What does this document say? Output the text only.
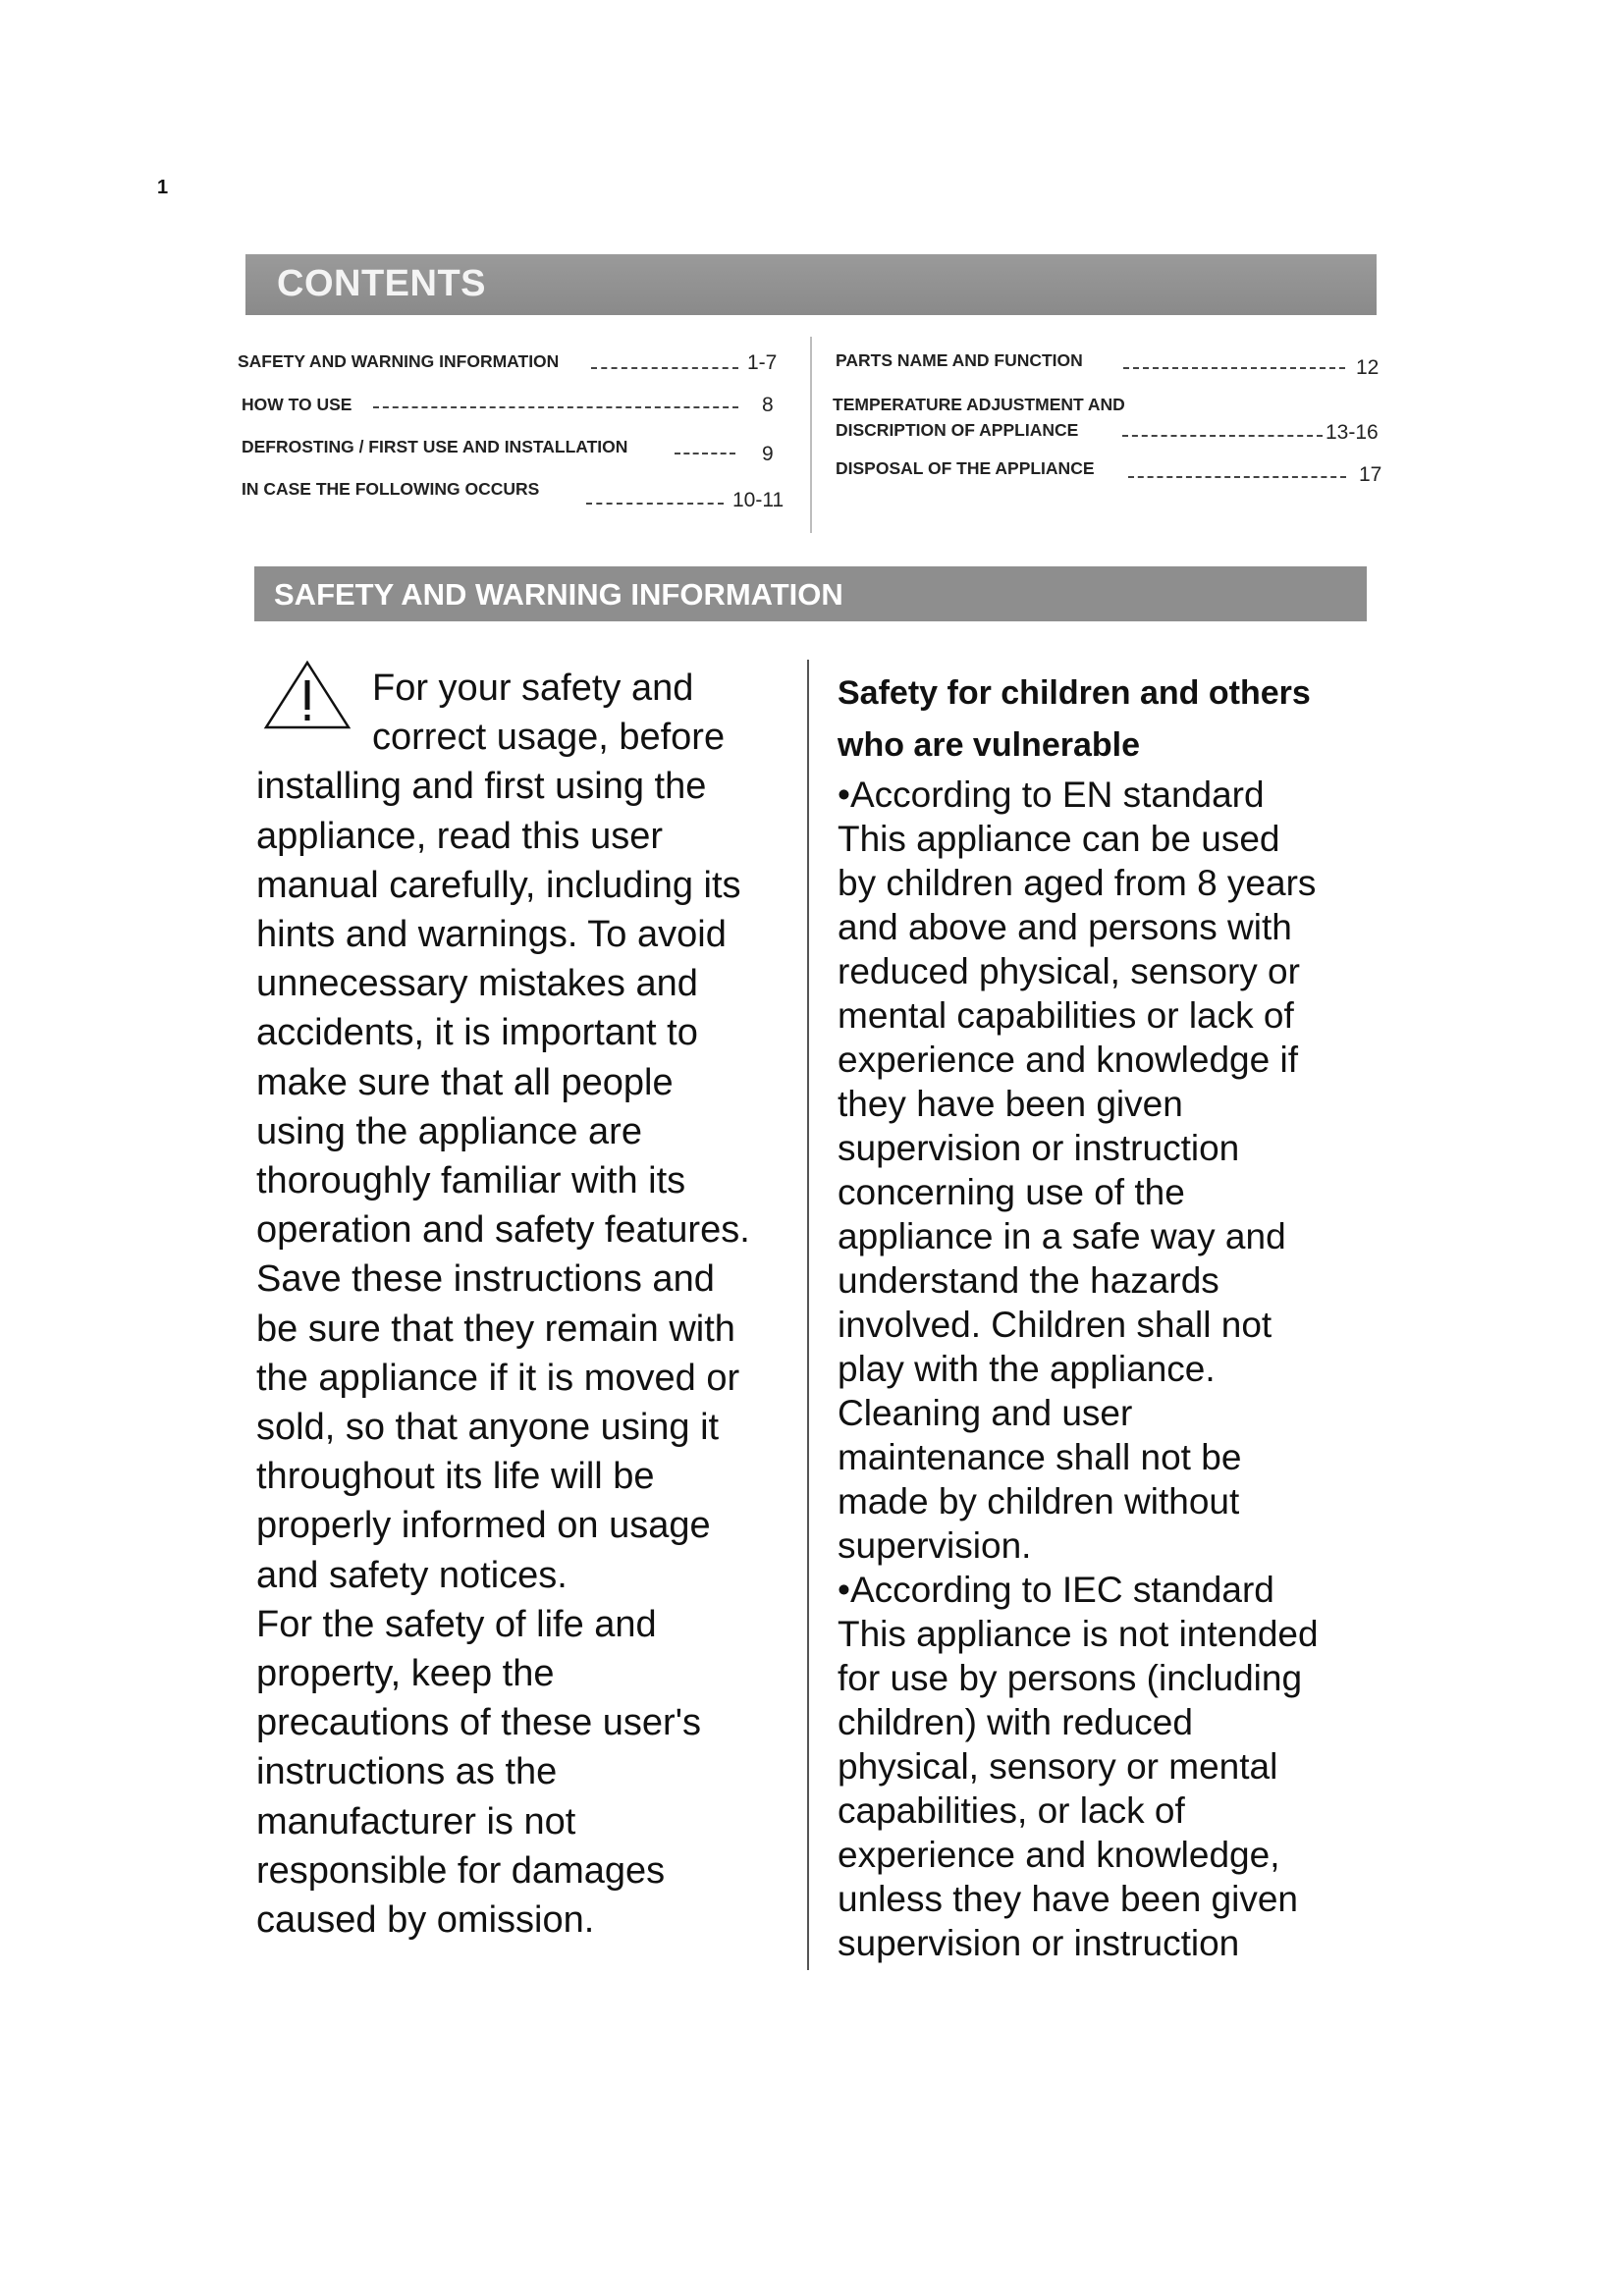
1
CONTENTS
SAFETY AND WARNING INFORMATION	1-7
HOW TO USE	8
DEFROSTING / FIRST USE AND INSTALLATION	9
IN CASE THE FOLLOWING OCCURS	10-11
PARTS NAME AND FUNCTION	12
TEMPERATURE ADJUSTMENT AND
DISCRIPTION OF APPLIANCE	13-16
DISPOSAL OF THE APPLIANCE	17
SAFETY AND WARNING INFORMATION
For your safety and
correct usage, before
installing and first using the
appliance, read this user
manual carefully, including its
hints and warnings. To avoid
unnecessary mistakes and
accidents, it is important to
make sure that all people
using the appliance are
thoroughly familiar with its
operation and safety features.
Save these instructions and
be sure that they remain with
the appliance if it is moved or
sold, so that anyone using it
throughout its life will be
properly informed on usage
and safety notices.
For the safety of life and
property, keep the
precautions of these user's
instructions as the
manufacturer is not
responsible for damages
caused by omission.
Safety for children and others
who are vulnerable
•According to EN standard
This appliance can be used
by children aged from 8 years
and above and persons with
reduced physical, sensory or
mental capabilities or lack of
experience and knowledge if
they have been given
supervision or instruction
concerning use of the
appliance in a safe way and
understand the hazards
involved. Children shall not
play with the appliance.
Cleaning and user
maintenance shall not be
made by children without
supervision.
•According to IEC standard
This appliance is not intended
for use by persons (including
children) with reduced
physical, sensory or mental
capabilities, or lack of
experience and knowledge,
unless they have been given
supervision or instruction
